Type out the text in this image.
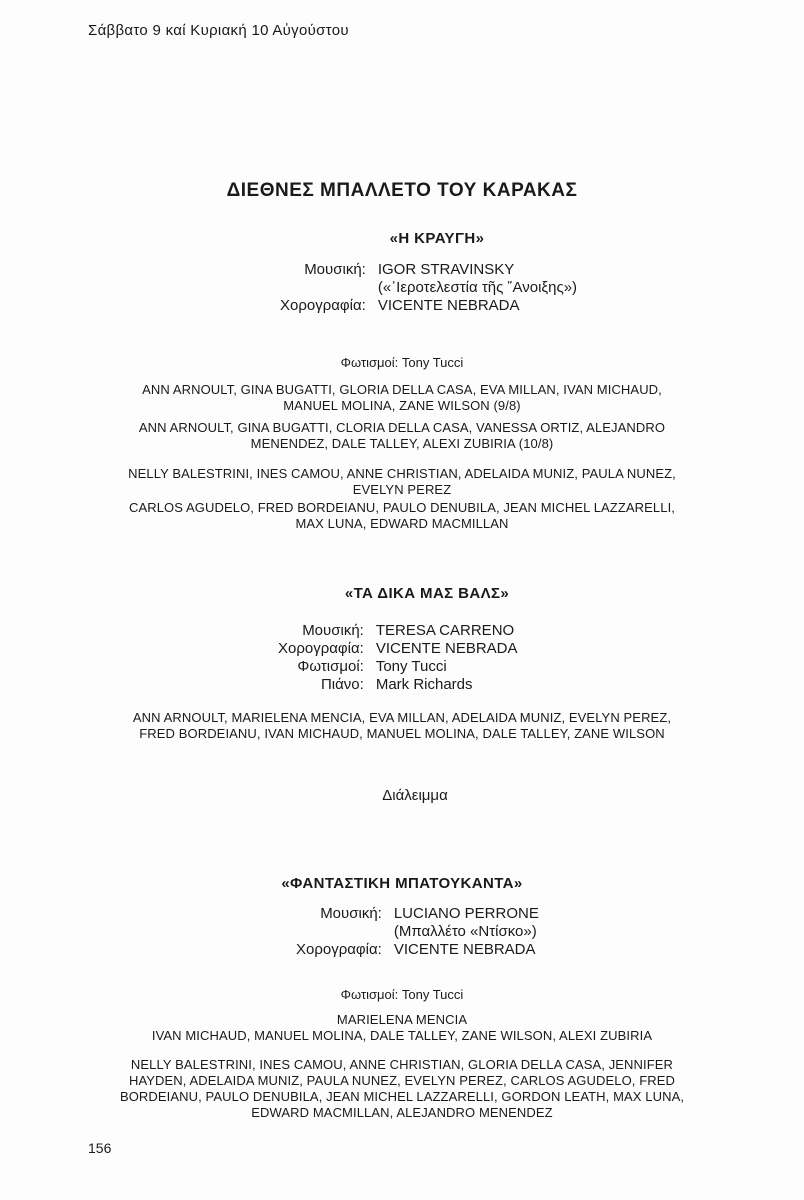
Σάββατο 9 καί Κυριακή 10 Αὐγούστου
ΔΙΕΘΝΕΣ ΜΠΑΛΛΕΤΟ ΤΟΥ ΚΑΡΑΚΑΣ
«Η ΚΡΑΥΓΗ»
Μουσική: IGOR STRAVINSKY
(«᾽Ιεροτελεστία τῆς ῎Ανοιξης»)
Χορογραφία: VICENTE NEBRADA
Φωτισμοί: Tony Tucci
ANN ARNOULT, GINA BUGATTI, GLORIA DELLA CASA, EVA MILLAN, IVAN MICHAUD,
MANUEL MOLINA, ZANE WILSON (9/8)
ANN ARNOULT, GINA BUGATTI, CLORIA DELLA CASA, VANESSA ORTIZ, ALEJANDRO
MENENDEZ, DALE TALLEY, ALEXI ZUBIRIA (10/8)
NELLY BALESTRINI, INES CAMOU, ANNE CHRISTIAN, ADELAIDA MUNIZ, PAULA NUNEZ,
EVELYN PEREZ
CARLOS AGUDELO, FRED BORDEIANU, PAULO DENUBILA, JEAN MICHEL LAZZARELLI,
MAX LUNA, EDWARD MACMILLAN
«ΤΑ ΔΙΚΑ ΜΑΣ ΒΑΛΣ»
Μουσική: TERESA CARRENO
Χορογραφία: VICENTE NEBRADA
Φωτισμοί: Tony Tucci
Πιάνο: Mark Richards
ANN ARNOULT, MARIELENA MENCIA, EVA MILLAN, ADELAIDA MUNIZ, EVELYN PEREZ,
FRED BORDEIANU, IVAN MICHAUD, MANUEL MOLINA, DALE TALLEY, ZANE WILSON
Διάλειμμα
«ΦΑΝΤΑΣΤΙΚΗ ΜΠΑΤΟΥΚΑΝΤΑ»
Μουσική: LUCIANO PERRONE
(Μπαλλέτο «Ντίσκο»)
Χορογραφία: VICENTE NEBRADA
Φωτισμοί: Tony Tucci
MARIELENA MENCIA
IVAN MICHAUD, MANUEL MOLINA, DALE TALLEY, ZANE WILSON, ALEXI ZUBIRIA
NELLY BALESTRINI, INES CAMOU, ANNE CHRISTIAN, GLORIA DELLA CASA, JENNIFER
HAYDEN, ADELAIDA MUNIZ, PAULA NUNEZ, EVELYN PEREZ, CARLOS AGUDELO, FRED
BORDEIANU, PAULO DENUBILA, JEAN MICHEL LAZZARELLI, GORDON LEATH, MAX LUNA,
EDWARD MACMILLAN, ALEJANDRO MENENDEZ
156
